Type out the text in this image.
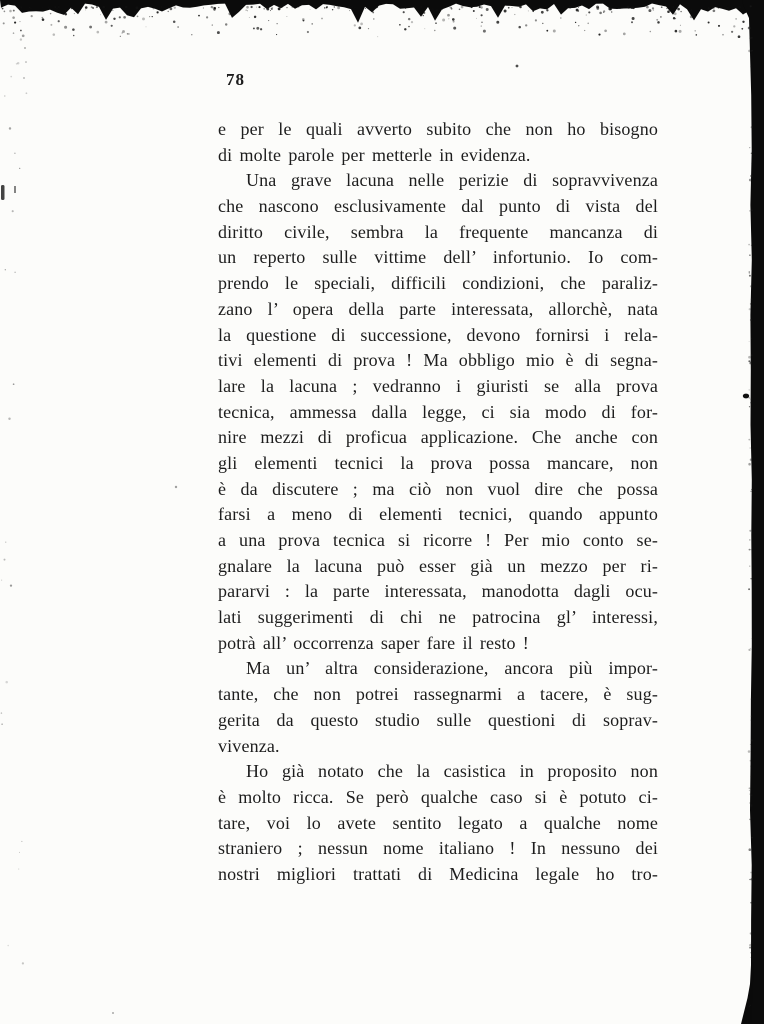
78
e per le quali avverto subito che non ho bisogno
di molte parole per metterle in evidenza.
Una grave lacuna nelle perizie di sopravvivenza
che nascono esclusivamente dal punto di vista del
diritto civile, sembra la frequente mancanza di
un reperto sulle vittime dell’ infortunio. Io com-
prendo le speciali, difficili condizioni, che paraliz-
zano l’ opera della parte interessata, allorchè, nata
la questione di successione, devono fornirsi i rela-
tivi elementi di prova ! Ma obbligo mio è di segna-
lare la lacuna ; vedranno i giuristi se alla prova
tecnica, ammessa dalla legge, ci sia modo di for-
nire mezzi di proficua applicazione. Che anche con
gli elementi tecnici la prova possa mancare, non
è da discutere ; ma ciò non vuol dire che possa
farsi a meno di elementi tecnici, quando appunto
a una prova tecnica si ricorre ! Per mio conto se-
gnalare la lacuna può esser già un mezzo per ri-
pararvi : la parte interessata, manodotta dagli ocu-
lati suggerimenti di chi ne patrocina gl’ interessi,
potrà all’ occorrenza saper fare il resto !
Ma un’ altra considerazione, ancora più impor-
tante, che non potrei rassegnarmi a tacere, è sug-
gerita da questo studio sulle questioni di soprav-
vivenza.
Ho già notato che la casistica in proposito non
è molto ricca. Se però qualche caso si è potuto ci-
tare, voi lo avete sentito legato a qualche nome
straniero ; nessun nome italiano ! In nessuno dei
nostri migliori trattati di Medicina legale ho tro-
